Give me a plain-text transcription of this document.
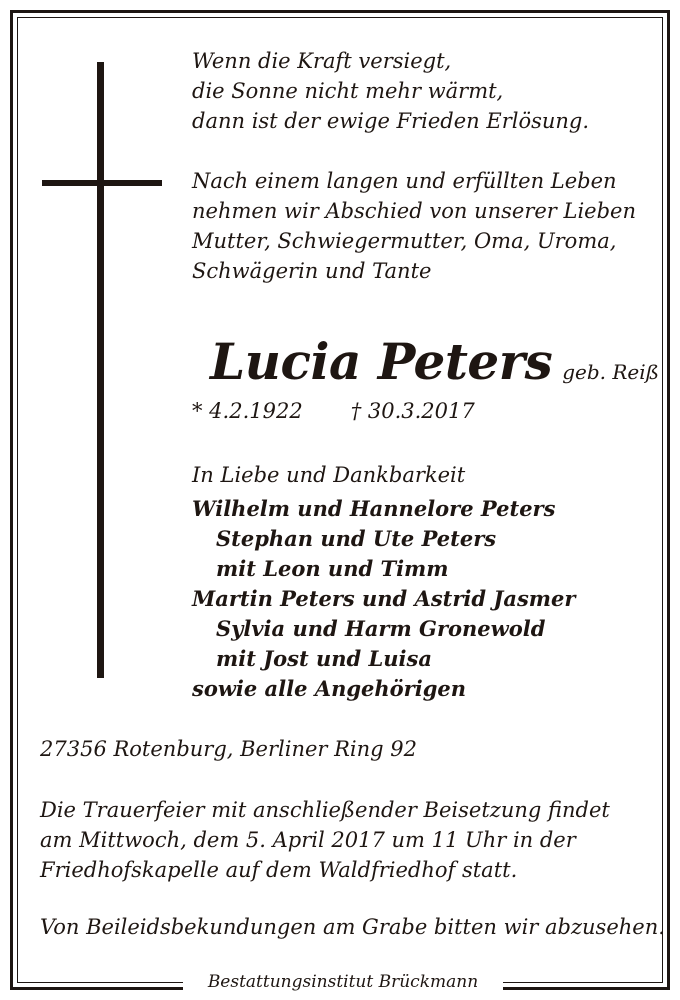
Wenn die Kraft versiegt,
die Sonne nicht mehr wärmt,
dann ist der ewige Frieden Erlösung.
Nach einem langen und erfüllten Leben
nehmen wir Abschied von unserer Lieben
Mutter, Schwiegermutter, Oma, Uroma,
Schwägerin und Tante
Lucia Peters geb. Reiß
* 4.2.1922 † 30.3.2017
In Liebe und Dankbarkeit
Wilhelm und Hannelore Peters
Stephan und Ute Peters
mit Leon und Timm
Martin Peters und Astrid Jasmer
Sylvia und Harm Gronewold
mit Jost und Luisa
sowie alle Angehörigen
27356 Rotenburg, Berliner Ring 92
Die Trauerfeier mit anschließender Beisetzung findet
am Mittwoch, dem 5. April 2017 um 11 Uhr in der
Friedhofskapelle auf dem Waldfriedhof statt.
Von Beileidsbekundungen am Grabe bitten wir abzusehen.
Bestattungsinstitut Brückmann
